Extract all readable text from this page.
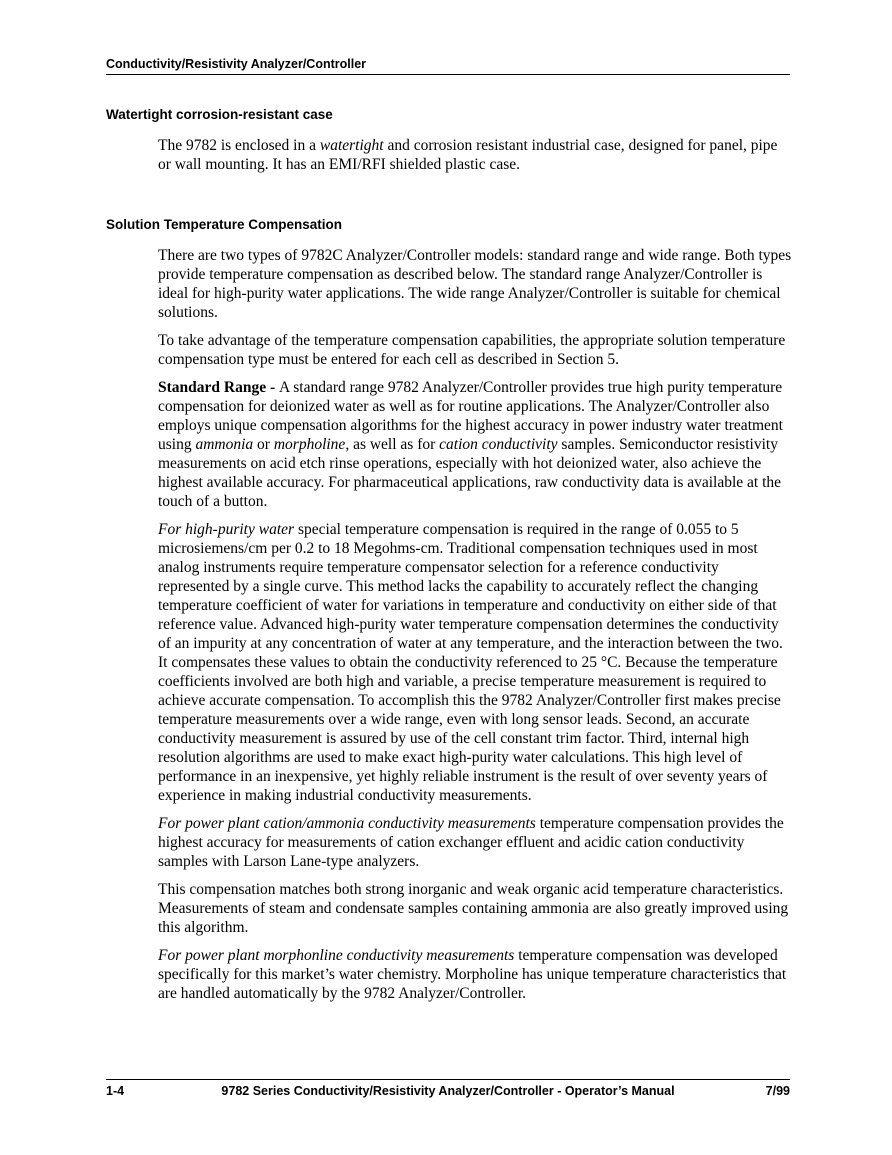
Conductivity/Resistivity Analyzer/Controller
Watertight corrosion-resistant case

The 9782 is enclosed in a watertight and corrosion resistant industrial case, designed for panel, pipe or wall mounting. It has an EMI/RFI shielded plastic case.

Solution Temperature Compensation

There are two types of 9782C Analyzer/Controller models: standard range and wide range. Both types provide temperature compensation as described below. The standard range Analyzer/Controller is ideal for high-purity water applications. The wide range Analyzer/Controller is suitable for chemical solutions.

To take advantage of the temperature compensation capabilities, the appropriate solution temperature compensation type must be entered for each cell as described in Section 5.

Standard Range - A standard range 9782 Analyzer/Controller provides true high purity temperature compensation for deionized water as well as for routine applications. The Analyzer/Controller also employs unique compensation algorithms for the highest accuracy in power industry water treatment using ammonia or morpholine, as well as for cation conductivity samples. Semiconductor resistivity measurements on acid etch rinse operations, especially with hot deionized water, also achieve the highest available accuracy. For pharmaceutical applications, raw conductivity data is available at the touch of a button.

For high-purity water special temperature compensation is required in the range of 0.055 to 5 microsiemens/cm per 0.2 to 18 Megohms-cm. Traditional compensation techniques used in most analog instruments require temperature compensator selection for a reference conductivity represented by a single curve. This method lacks the capability to accurately reflect the changing temperature coefficient of water for variations in temperature and conductivity on either side of that reference value. Advanced high-purity water temperature compensation determines the conductivity of an impurity at any concentration of water at any temperature, and the interaction between the two. It compensates these values to obtain the conductivity referenced to 25 °C. Because the temperature coefficients involved are both high and variable, a precise temperature measurement is required to achieve accurate compensation. To accomplish this the 9782 Analyzer/Controller first makes precise temperature measurements over a wide range, even with long sensor leads. Second, an accurate conductivity measurement is assured by use of the cell constant trim factor. Third, internal high resolution algorithms are used to make exact high-purity water calculations. This high level of performance in an inexpensive, yet highly reliable instrument is the result of over seventy years of experience in making industrial conductivity measurements.

For power plant cation/ammonia conductivity measurements temperature compensation provides the highest accuracy for measurements of cation exchanger effluent and acidic cation conductivity samples with Larson Lane-type analyzers.

This compensation matches both strong inorganic and weak organic acid temperature characteristics. Measurements of steam and condensate samples containing ammonia are also greatly improved using this algorithm.

For power plant morphonline conductivity measurements temperature compensation was developed specifically for this market’s water chemistry. Morpholine has unique temperature characteristics that are handled automatically by the 9782 Analyzer/Controller.

1-4	9782 Series Conductivity/Resistivity Analyzer/Controller - Operator’s Manual	7/99
